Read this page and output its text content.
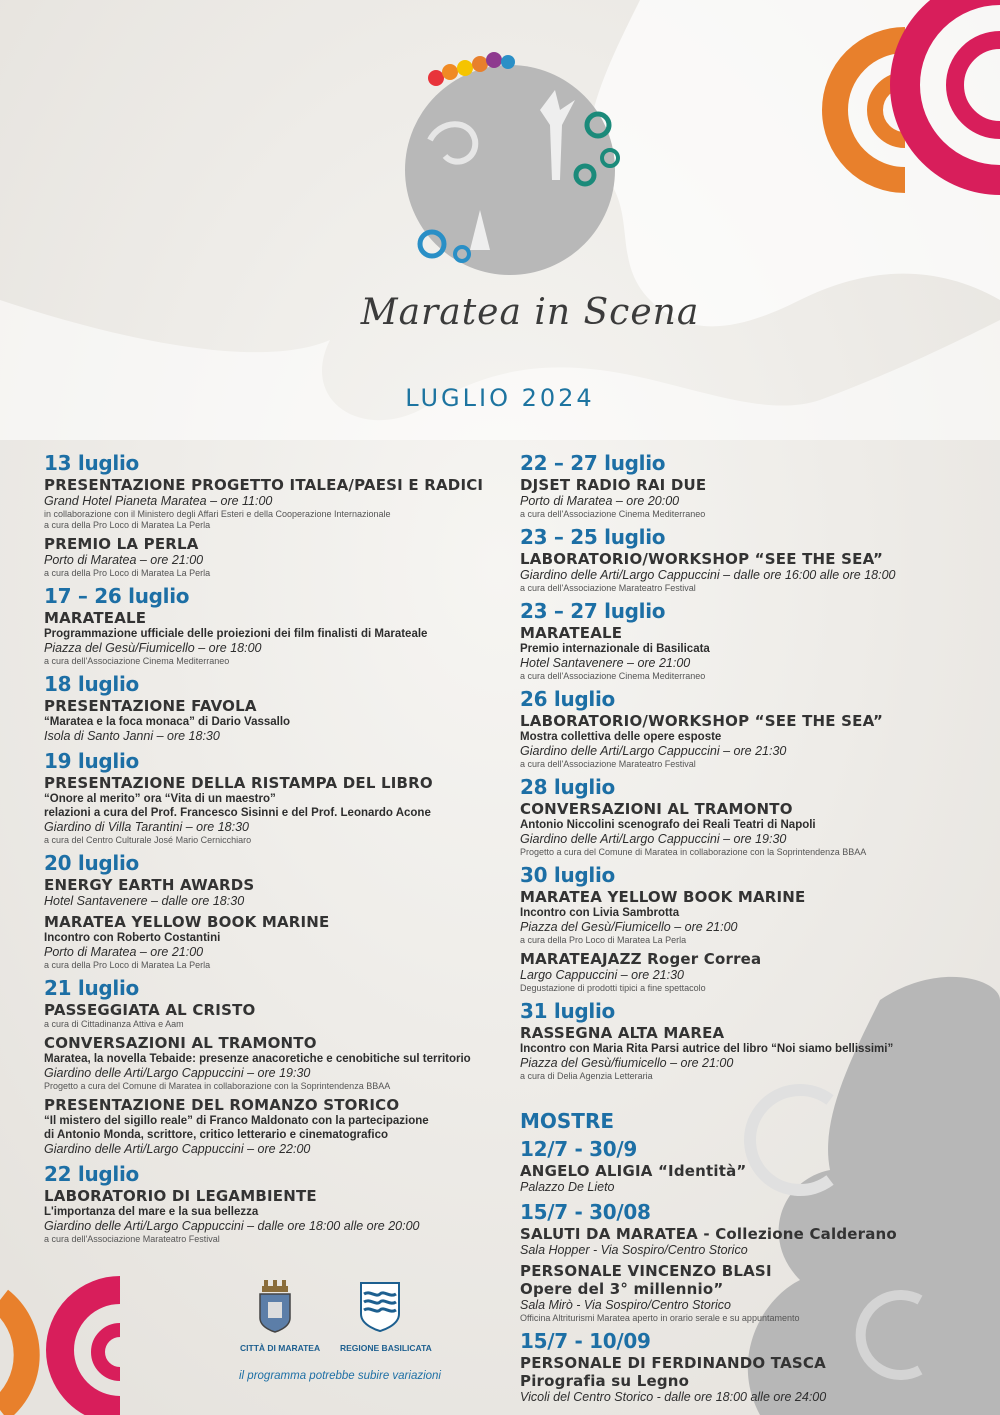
Maratea in Scena
LUGLIO 2024
13 luglio
PRESENTAZIONE PROGETTO ITALEA/PAESI E RADICI
Grand Hotel Pianeta Maratea – ore 11:00
in collaborazione con il Ministero degli Affari Esteri e della Cooperazione Internazionale
a cura della Pro Loco di Maratea La Perla
PREMIO LA PERLA
Porto di Maratea – ore 21:00
a cura della Pro Loco di Maratea La Perla
17 – 26 luglio
MARATEALE
Programmazione ufficiale delle proiezioni dei film finalisti di Marateale
Piazza del Gesù/Fiumicello – ore 18:00
a cura dell'Associazione Cinema Mediterraneo
18 luglio
PRESENTAZIONE FAVOLA
“Maratea e la foca monaca” di Dario Vassallo
Isola di Santo Janni – ore 18:30
19 luglio
PRESENTAZIONE DELLA RISTAMPA DEL LIBRO
“Onore al merito” ora “Vita di un maestro”
relazioni a cura del Prof. Francesco Sisinni e del Prof. Leonardo Acone
Giardino di Villa Tarantini – ore 18:30
a cura del Centro Culturale José Mario Cernicchiaro
20 luglio
ENERGY EARTH AWARDS
Hotel Santavenere – dalle ore 18:30
MARATEA YELLOW BOOK MARINE
Incontro con Roberto Costantini
Porto di Maratea – ore 21:00
a cura della Pro Loco di Maratea La Perla
21 luglio
PASSEGGIATA AL CRISTO
a cura di Cittadinanza Attiva e Aam
CONVERSAZIONI AL TRAMONTO
Maratea, la novella Tebaide: presenze anacoretiche e cenobitiche sul territorio
Giardino delle Arti/Largo Cappuccini – ore 19:30
Progetto a cura del Comune di Maratea in collaborazione con la Soprintendenza BBAA
PRESENTAZIONE DEL ROMANZO STORICO
“Il mistero del sigillo reale” di Franco Maldonato con la partecipazione
di Antonio Monda, scrittore, critico letterario e cinematografico
Giardino delle Arti/Largo Cappuccini – ore 22:00
22 luglio
LABORATORIO DI LEGAMBIENTE
L'importanza del mare e la sua bellezza
Giardino delle Arti/Largo Cappuccini – dalle ore 18:00 alle ore 20:00
a cura dell'Associazione Marateatro Festival
22 – 27 luglio
DJSET RADIO RAI DUE
Porto di Maratea – ore 20:00
a cura dell'Associazione Cinema Mediterraneo
23 – 25 luglio
LABORATORIO/WORKSHOP “SEE THE SEA”
Giardino delle Arti/Largo Cappuccini – dalle ore 16:00 alle ore 18:00
a cura dell'Associazione Marateatro Festival
23 – 27 luglio
MARATEALE
Premio internazionale di Basilicata
Hotel Santavenere – ore 21:00
a cura dell'Associazione Cinema Mediterraneo
26 luglio
LABORATORIO/WORKSHOP “SEE THE SEA”
Mostra collettiva delle opere esposte
Giardino delle Arti/Largo Cappuccini – ore 21:30
a cura dell'Associazione Marateatro Festival
28 luglio
CONVERSAZIONI AL TRAMONTO
Antonio Niccolini scenografo dei Reali Teatri di Napoli
Giardino delle Arti/Largo Cappuccini – ore 19:30
Progetto a cura del Comune di Maratea in collaborazione con la Soprintendenza BBAA
30 luglio
MARATEA YELLOW BOOK MARINE
Incontro con Livia Sambrotta
Piazza del Gesù/Fiumicello – ore 21:00
a cura della Pro Loco di Maratea La Perla
MARATEAJAZZ Roger Correa
Largo Cappuccini – ore 21:30
Degustazione di prodotti tipici a fine spettacolo
31 luglio
RASSEGNA ALTA MAREA
Incontro con Maria Rita Parsi autrice del libro “Noi siamo bellissimi”
Piazza del Gesù/fiumicello – ore 21:00
a cura di Delia Agenzia Letteraria
MOSTRE
12/7 - 30/9
ANGELO ALIGIA “Identità”
Palazzo De Lieto
15/7 - 30/08
SALUTI DA MARATEA - Collezione Calderano
Sala Hopper - Via Sospiro/Centro Storico
PERSONALE VINCENZO BLASI
Opere del 3° millennio”
Sala Mirò - Via Sospiro/Centro Storico
Officina Altriturismi Maratea aperto in orario serale e su appuntamento
15/7 - 10/09
PERSONALE DI FERDINANDO TASCA
Pirografia su Legno
Vicoli del Centro Storico - dalle ore 18:00 alle ore 24:00
CITTÀ DI MARATEA REGIONE BASILICATA
il programma potrebbe subire variazioni
